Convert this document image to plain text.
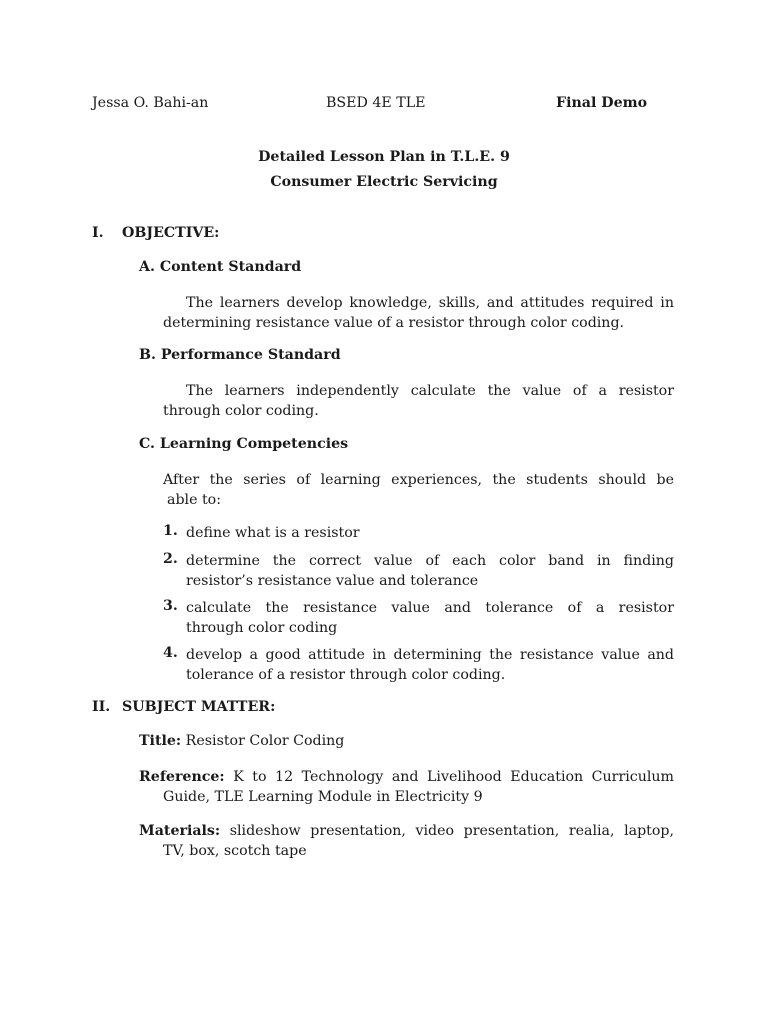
Jessa O. Bahi-an	BSED 4E TLE	Final Demo
Detailed Lesson Plan in T.L.E. 9
Consumer Electric Servicing
I. OBJECTIVE:
A. Content Standard
The learners develop knowledge, skills, and attitudes required in
determining resistance value of a resistor through color coding.
B. Performance Standard
The learners independently calculate the value of a resistor
through color coding.
C. Learning Competencies
After the series of learning experiences, the students should be
able to:
1. define what is a resistor
2. determine the correct value of each color band in finding
resistor’s resistance value and tolerance
3. calculate the resistance value and tolerance of a resistor
through color coding
4. develop a good attitude in determining the resistance value and
tolerance of a resistor through color coding.
II. SUBJECT MATTER:
Title: Resistor Color Coding
Reference: K to 12 Technology and Livelihood Education Curriculum
Guide, TLE Learning Module in Electricity 9
Materials: slideshow presentation, video presentation, realia, laptop,
TV, box, scotch tape
